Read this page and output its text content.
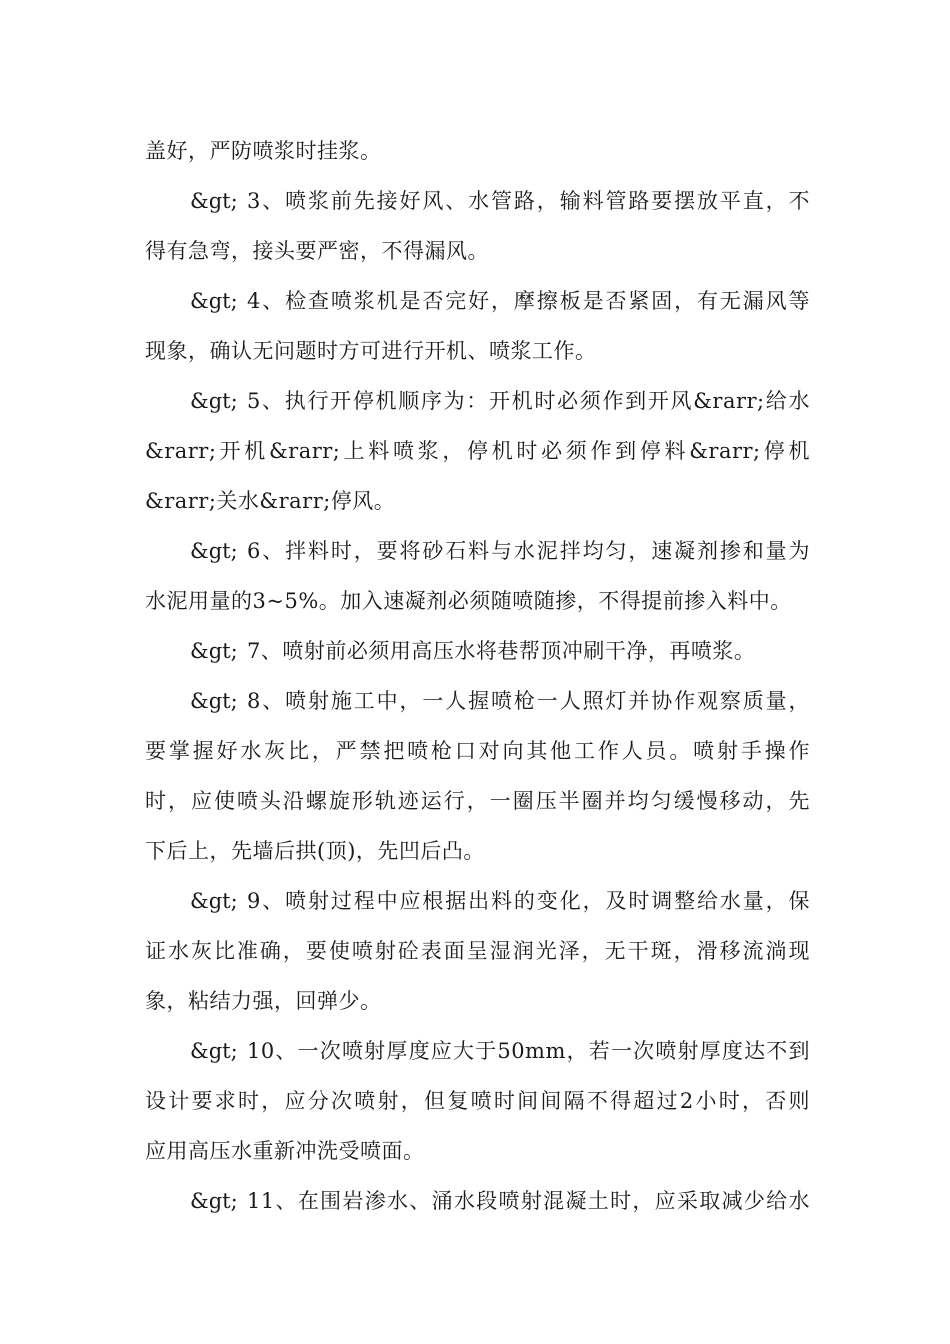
盖好，严防喷浆时挂浆。
&gt; 3、喷浆前先接好风、水管路，输料管路要摆放平直，不
得有急弯，接头要严密，不得漏风。
&gt; 4、检查喷浆机是否完好，摩擦板是否紧固，有无漏风等
现象，确认无问题时方可进行开机、喷浆工作。
&gt; 5、执行开停机顺序为：开机时必须作到开风&rarr;给水
&rarr;开机&rarr;上料喷浆，停机时必须作到停料&rarr;停机
&rarr;关水&rarr;停风。
&gt; 6、拌料时，要将砂石料与水泥拌均匀，速凝剂掺和量为
水泥用量的3~5%。加入速凝剂必须随喷随掺，不得提前掺入料中。
&gt; 7、喷射前必须用高压水将巷帮顶冲刷干净，再喷浆。
&gt; 8、喷射施工中，一人握喷枪一人照灯并协作观察质量，
要掌握好水灰比，严禁把喷枪口对向其他工作人员。喷射手操作
时，应使喷头沿螺旋形轨迹运行，一圈压半圈并均匀缓慢移动，先
下后上，先墙后拱(顶)，先凹后凸。
&gt; 9、喷射过程中应根据出料的变化，及时调整给水量，保
证水灰比准确，要使喷射砼表面呈湿润光泽，无干斑，滑移流淌现
象，粘结力强，回弹少。
&gt; 10、一次喷射厚度应大于50mm，若一次喷射厚度达不到
设计要求时，应分次喷射，但复喷时间间隔不得超过2小时，否则
应用高压水重新冲洗受喷面。
&gt; 11、在围岩渗水、涌水段喷射混凝土时，应采取减少给水
